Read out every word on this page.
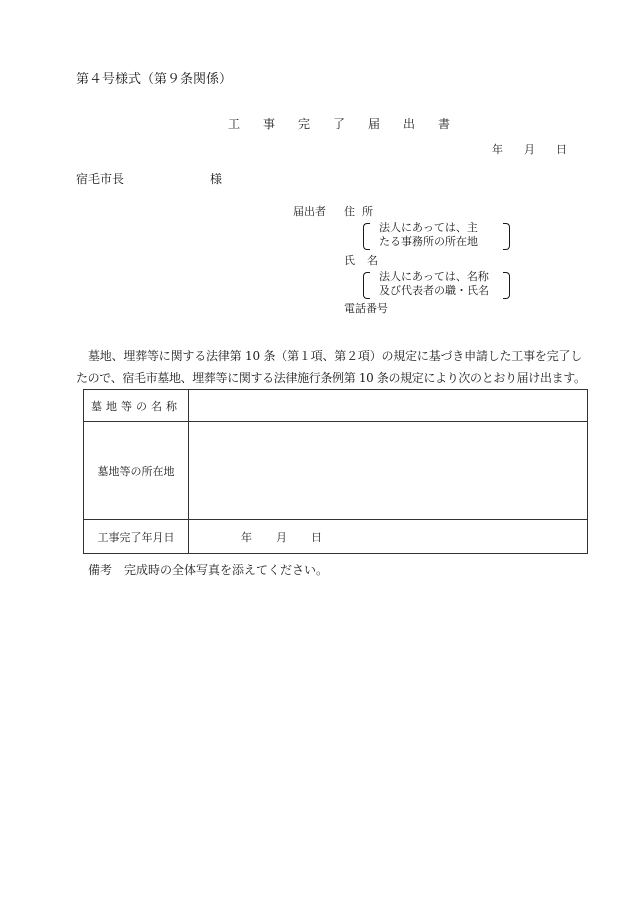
第４号様式（第９条関係）
工事完了届出書
年 月 日
宿毛市長	様
届出者 住所
法人にあっては、主
たる事務所の所在地
氏名
法人にあっては、名称
及び代表者の職・氏名
電話番号
墓地、埋葬等に関する法律第 10 条（第１項、第２項）の規定に基づき申請した工事を完了し
たので、宿毛市墓地、埋葬等に関する法律施行条例第 10 条の規定により次のとおり届け出ます。
墓地等の名称	
墓地等の所在地	
工事完了年月日	年 月 日
備考　完成時の全体写真を添えてください。
